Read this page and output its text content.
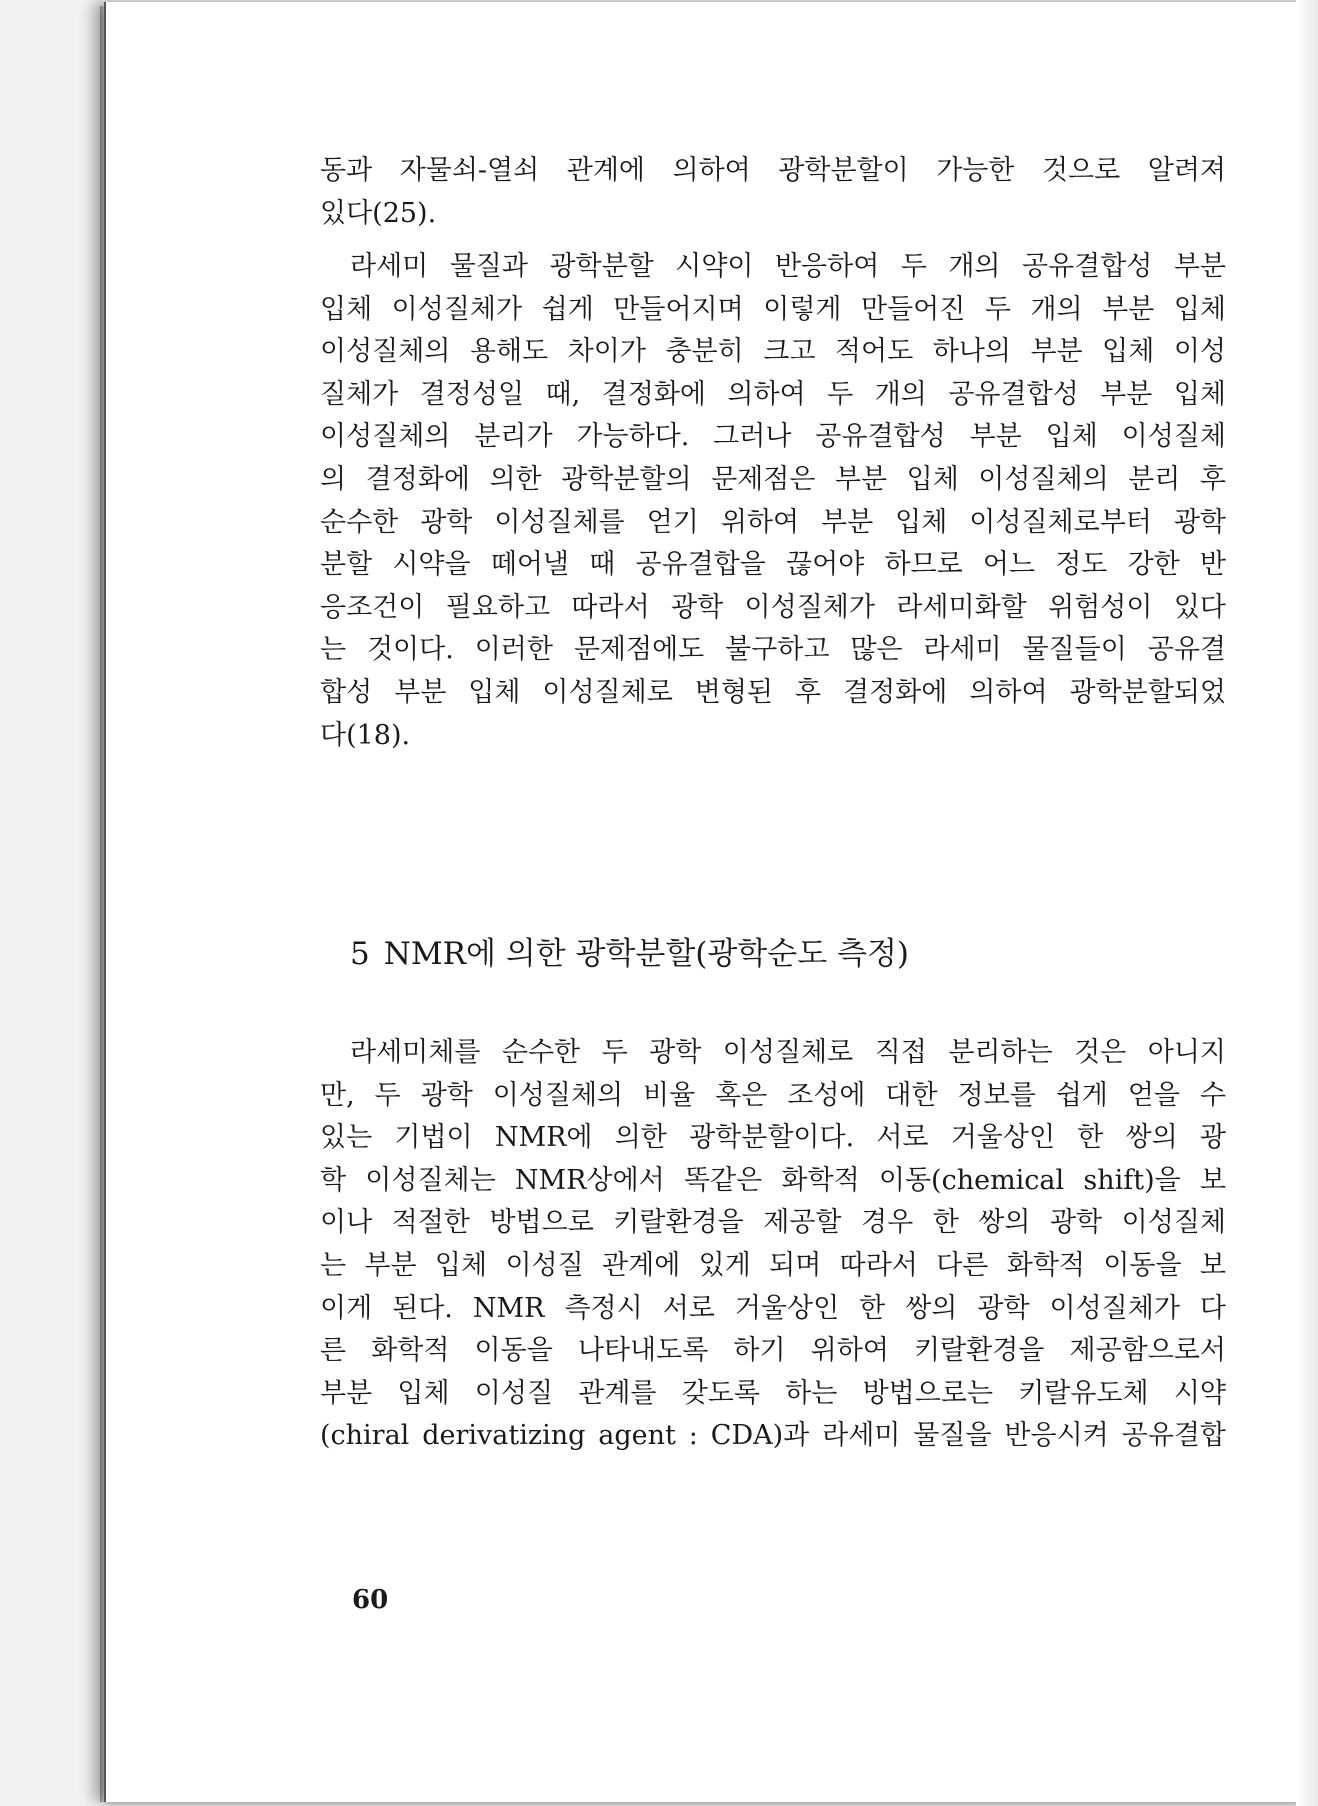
동과 자물쇠-열쇠 관계에 의하여 광학분할이 가능한 것으로 알려져
있다(25).
라세미 물질과 광학분할 시약이 반응하여 두 개의 공유결합성 부분
입체 이성질체가 쉽게 만들어지며 이렇게 만들어진 두 개의 부분 입체
이성질체의 용해도 차이가 충분히 크고 적어도 하나의 부분 입체 이성
질체가 결정성일 때, 결정화에 의하여 두 개의 공유결합성 부분 입체
이성질체의 분리가 가능하다. 그러나 공유결합성 부분 입체 이성질체
의 결정화에 의한 광학분할의 문제점은 부분 입체 이성질체의 분리 후
순수한 광학 이성질체를 얻기 위하여 부분 입체 이성질체로부터 광학
분할 시약을 떼어낼 때 공유결합을 끊어야 하므로 어느 정도 강한 반
응조건이 필요하고 따라서 광학 이성질체가 라세미화할 위험성이 있다
는 것이다. 이러한 문제점에도 불구하고 많은 라세미 물질들이 공유결
합성 부분 입체 이성질체로 변형된 후 결정화에 의하여 광학분할되었
다(18).
5 NMR에 의한 광학분할(광학순도 측정)
라세미체를 순수한 두 광학 이성질체로 직접 분리하는 것은 아니지
만, 두 광학 이성질체의 비율 혹은 조성에 대한 정보를 쉽게 얻을 수
있는 기법이 NMR에 의한 광학분할이다. 서로 거울상인 한 쌍의 광
학 이성질체는 NMR상에서 똑같은 화학적 이동(chemical shift)을 보
이나 적절한 방법으로 키랄환경을 제공할 경우 한 쌍의 광학 이성질체
는 부분 입체 이성질 관계에 있게 되며 따라서 다른 화학적 이동을 보
이게 된다. NMR 측정시 서로 거울상인 한 쌍의 광학 이성질체가 다
른 화학적 이동을 나타내도록 하기 위하여 키랄환경을 제공함으로서
부분 입체 이성질 관계를 갖도록 하는 방법으로는 키랄유도체 시약
(chiral derivatizing agent : CDA)과 라세미 물질을 반응시켜 공유결합
60
